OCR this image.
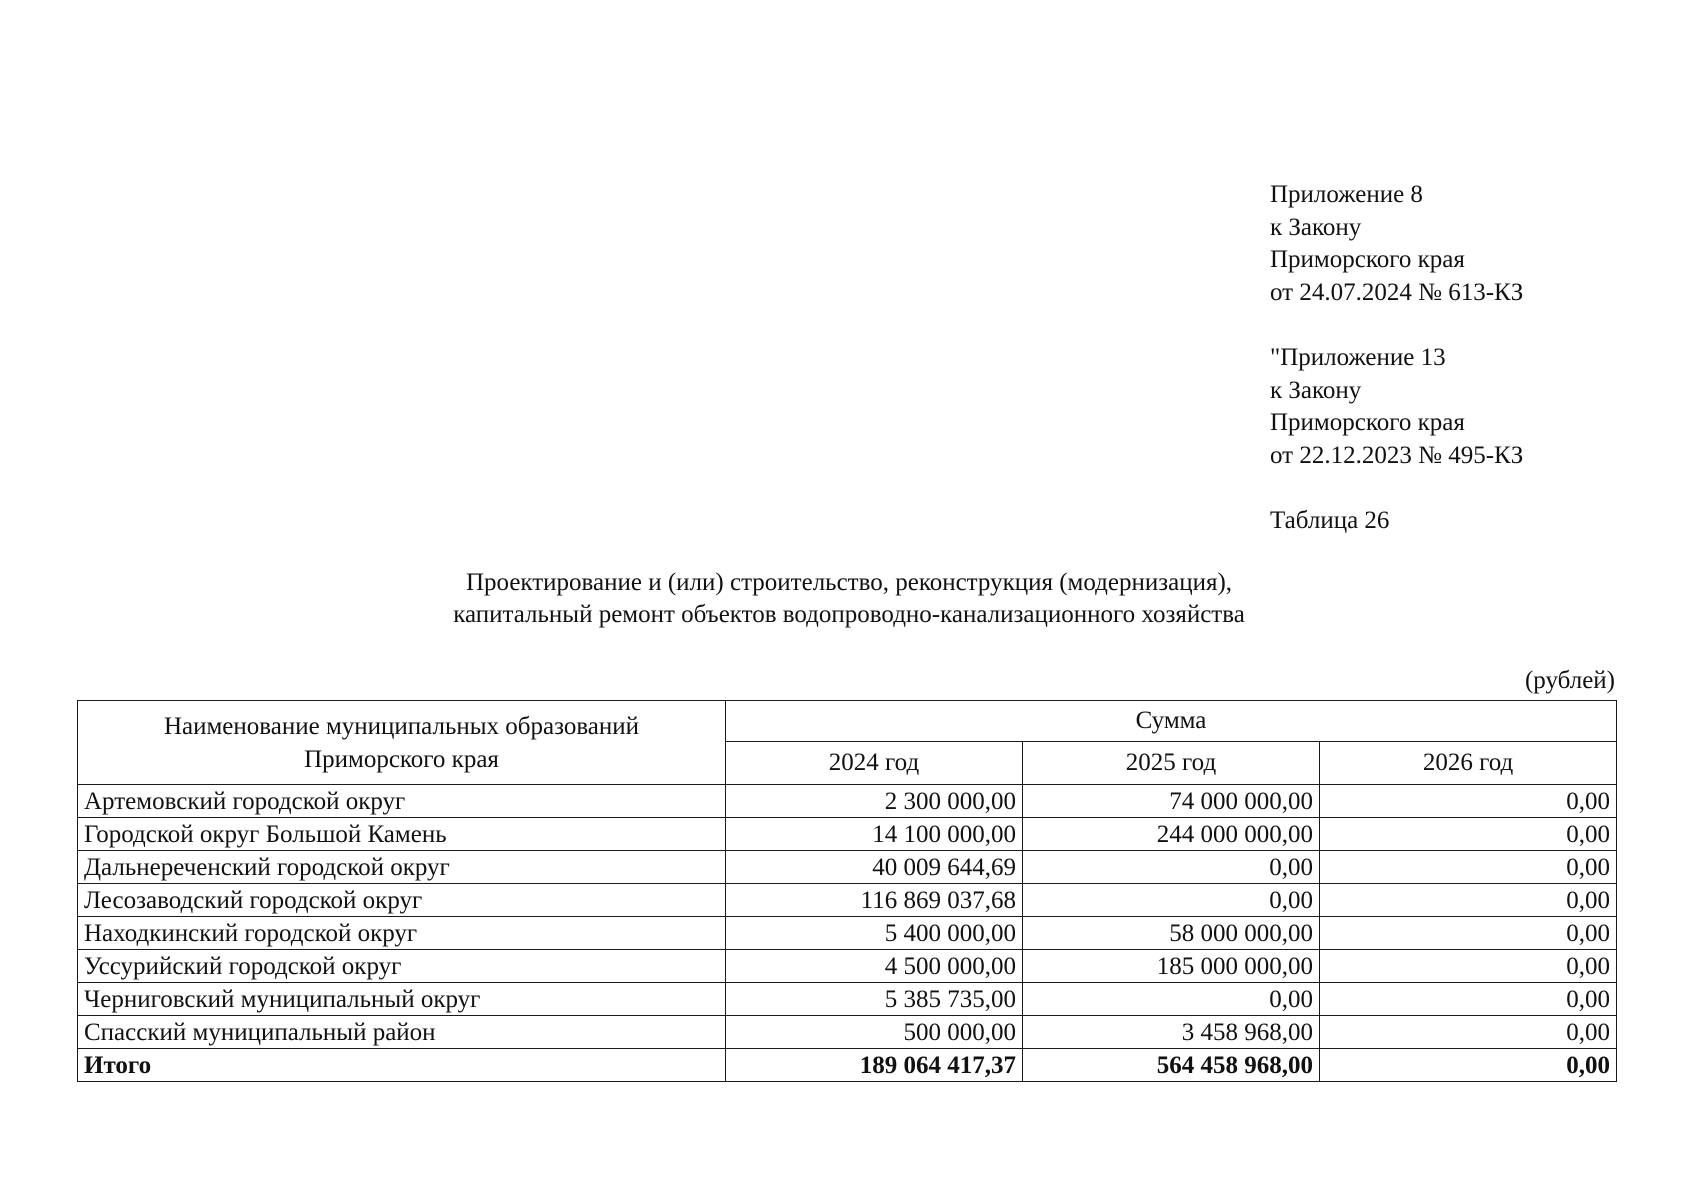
Приложение 8
к Закону
Приморского края
от 24.07.2024 № 613-КЗ
"Приложение 13
к Закону
Приморского края
от 22.12.2023 № 495-КЗ
Таблица 26
Проектирование и (или) строительство, реконструкция (модернизация),
капитальный ремонт объектов водопроводно-канализационного хозяйства
(рублей)
Наименование муниципальных образований
Приморского края	Сумма		
	2024 год	2025 год	2026 год
Артемовский городской округ	2 300 000,00	74 000 000,00	0,00
Городской округ Большой Камень	14 100 000,00	244 000 000,00	0,00
Дальнереченский городской округ	40 009 644,69	0,00	0,00
Лесозаводский городской округ	116 869 037,68	0,00	0,00
Находкинский городской округ	5 400 000,00	58 000 000,00	0,00
Уссурийский городской округ	4 500 000,00	185 000 000,00	0,00
Черниговский муниципальный округ	5 385 735,00	0,00	0,00
Спасский муниципальный район	500 000,00	3 458 968,00	0,00
Итого	189 064 417,37	564 458 968,00	0,00
